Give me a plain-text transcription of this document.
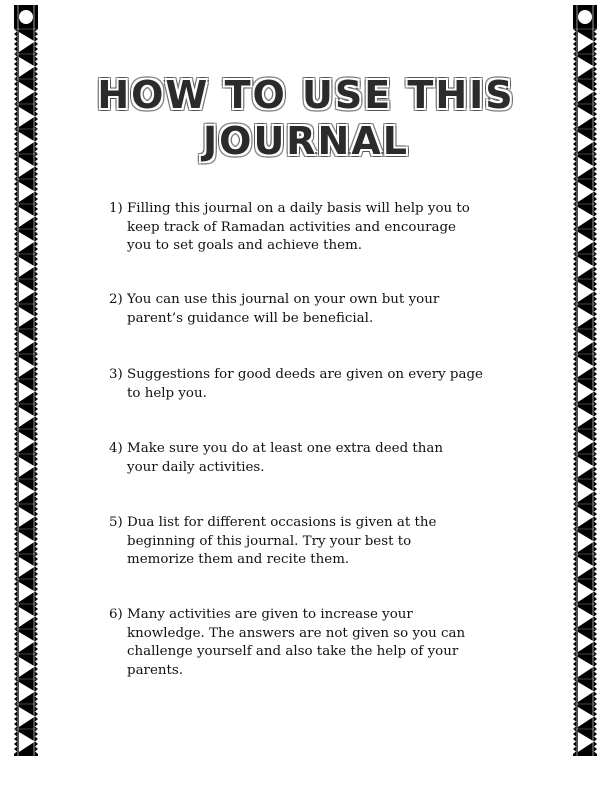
HOW TO USE THIS
JOURNAL
1) Filling this journal on a daily basis will help you to
keep track of Ramadan activities and encourage
you to set goals and achieve them.
2) You can use this journal on your own but your
parent’s guidance will be beneficial.
3) Suggestions for good deeds are given on every page
to help you.
4) Make sure you do at least one extra deed than
your daily activities.
5) Dua list for different occasions is given at the
beginning of this journal. Try your best to
memorize them and recite them.
6) Many activities are given to increase your
knowledge. The answers are not given so you can
challenge yourself and also take the help of your
parents.
